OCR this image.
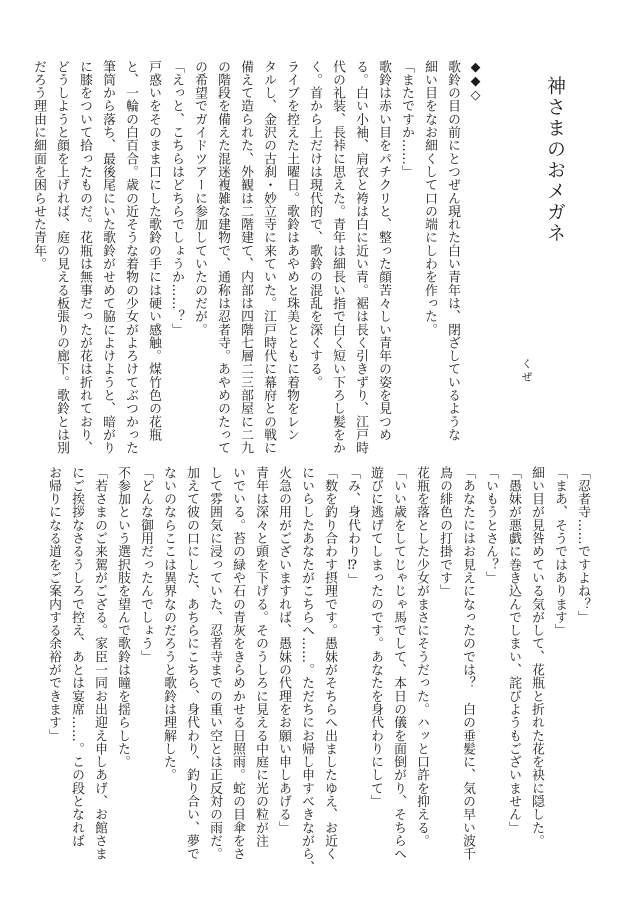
神さまのおメガネ
くぜ

◆◆◇

歌鈴の目の前にとつぜん現れた白い青年は、閉ざしているような

細い目をなお細くして口の端にしわを作った。

「またですか……」

歌鈴は赤い目をパチクリと、整った顔苦々しい青年の姿を見つめ

る。白い小袖、肩衣と袴は白に近い青。裾は長く引きずり、江戸時

代の礼装、長裃に思えた。青年は細長い指で白く短い下ろし髪をか

く。首から上だけは現代的で、歌鈴の混乱を深くする。

ライブを控えた土曜日。歌鈴はあやめと珠美とともに着物をレン

タルし、金沢の古刹・妙立寺に来ていた。江戸時代に幕府との戦に

備えて造られた、外観は二階建て、内部は四階七層二三部屋に二九

の階段を備えた混迷複雑な建物で、通称は忍者寺。あやめのたって

の希望でガイドツアーに参加していたのだが。

「えっと、こちらはどちらでしょうか……？」

戸惑いをそのまま口にした歌鈴の手には硬い感触。煤竹色の花瓶

と、一輪の白百合。歳の近そうな着物の少女がよろけてぶつかった

筆筒から落ち、最後尾にいた歌鈴がせめて脇によけようと、暗がり

に膝をついて拾ったものだ。花瓶は無事だったが花は折れており、

どうしようと顔を上げれば、庭の見える板張りの廊下。歌鈴とは別

だろう理由に細面を困らせた青年。

「忍者寺……ですよね？」

「まあ、そうではあります」

細い目が見咎めている気がして、花瓶と折れた花を袂に隠した。

「愚妹が悪戯に巻き込んでしまい、詫びようもございません」

「いもうとさん？」

「あなたにはお見えになったのでは？　白の垂髪に、気の早い波千

鳥の緋色の打掛です」

花瓶を落とした少女がまさにそうだった。ハッと口許を抑える。

「いい歳をしてじゃじゃ馬でして、本日の儀を面倒がり、そちらへ

遊びに逃げてしまったのです。あなたを身代わりにして」

「み、身代わり⁉」

「数を釣り合わす摂理です。愚妹がそちらへ出ましたゆえ、お近く

にいらしたあなたがこちらへ……。ただちにお帰し申すべきながら、

火急の用がございますれば、愚妹の代理をお願い申しあげる」

青年は深々と頭を下げる。そのうしろに見える中庭に光の粒が注

いでいる。苔の緑や石の青灰をきらめかせる日照雨。蛇の目傘をさ

して雰囲気に浸っていた、忍者寺までの重い空とは正反対の雨だ。

加えて彼の口にした、あちらにこちら、身代わり、釣り合い、夢で

ないのならここは異界なのだろうと歌鈴は理解した。

「どんな御用だったんでしょう」

不参加という選択肢を望んで歌鈴は瞳を揺らした。

「若さまのご来駕がござる。家臣一同お出迎え申しあげ、お館さま

にご挨拶なさるうしろで控え、あとは宴席……。この段となれば

お帰りになる道をご案内する余裕ができます」
